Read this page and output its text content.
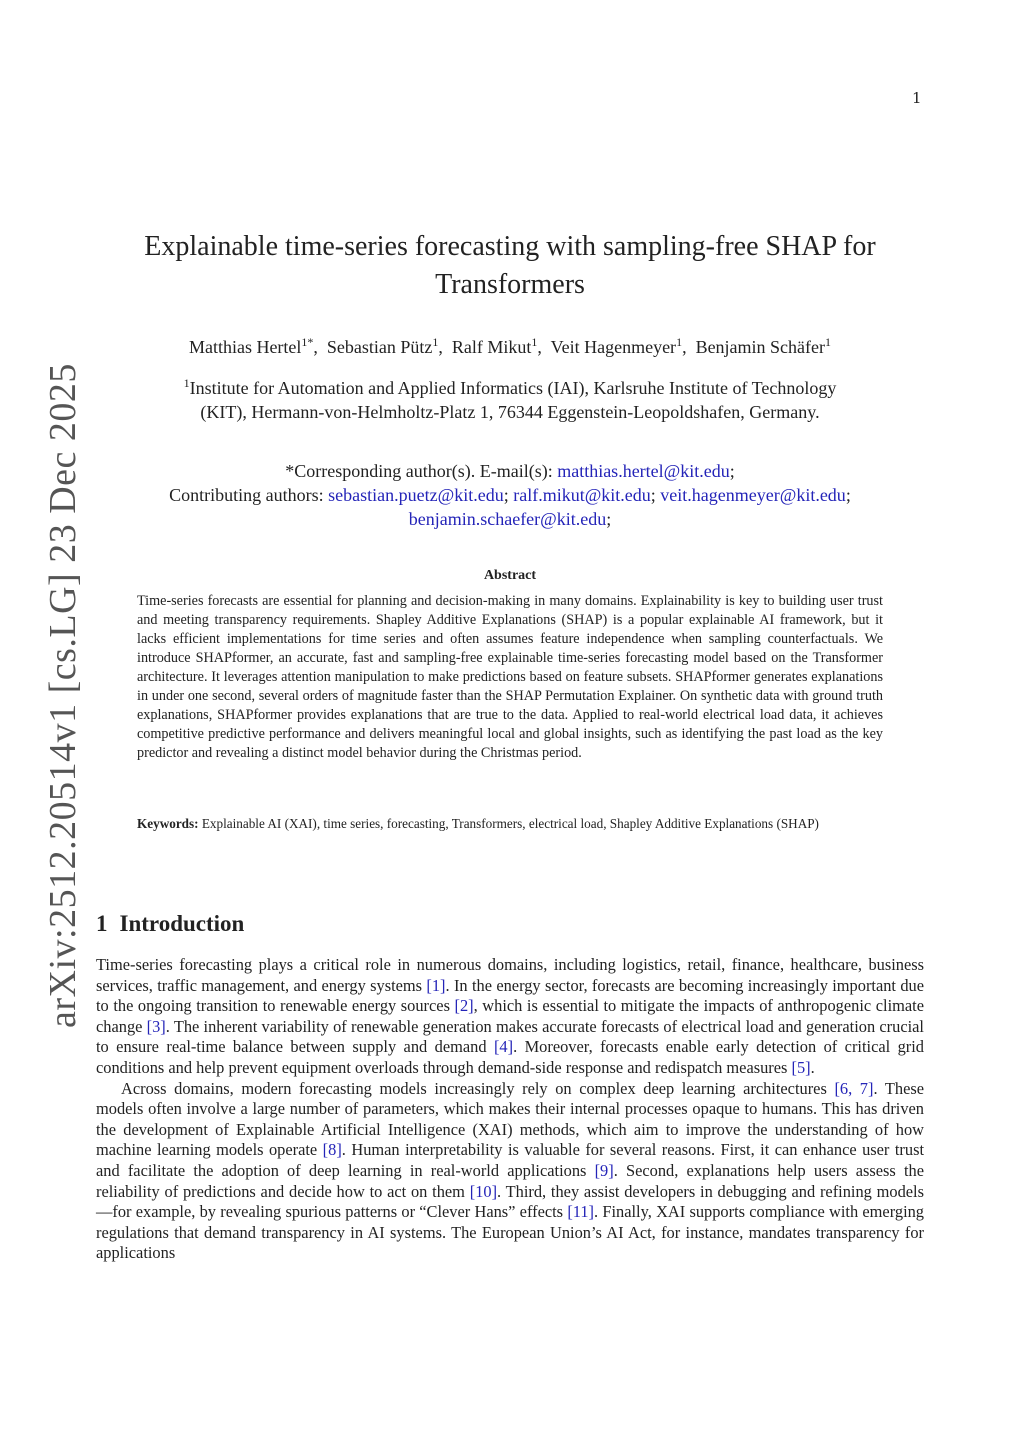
1
arXiv:2512.20514v1 [cs.LG] 23 Dec 2025
Explainable time-series forecasting with sampling-free SHAP for
Transformers
Matthias Hertel$^{1*}$,  Sebastian Pütz$^1$,  Ralf Mikut$^1$,  Veit Hagenmeyer$^1$,  Benjamin Schäfer$^1$
$^1$Institute for Automation and Applied Informatics (IAI), Karlsruhe Institute of Technology
(KIT), Hermann-von-Helmholtz-Platz 1, 76344 Eggenstein-Leopoldshafen, Germany.
*Corresponding author(s). E-mail(s): matthias.hertel@kit.edu;
Contributing authors: sebastian.puetz@kit.edu; ralf.mikut@kit.edu; veit.hagenmeyer@kit.edu;
benjamin.schaefer@kit.edu;
Abstract
Time-series forecasts are essential for planning and decision-making in many domains. Explainability is key to building user trust and meeting transparency requirements. Shapley Additive Explanations (SHAP) is a popular explainable AI framework, but it lacks efficient implementations for time series and often assumes feature independence when sampling counterfactuals. We introduce SHAPformer, an accurate, fast and sampling-free explainable time-series forecasting model based on the Transformer architecture. It leverages attention manipulation to make predictions based on feature subsets. SHAPformer generates explanations in under one second, several orders of magnitude faster than the SHAP Permutation Explainer. On synthetic data with ground truth explanations, SHAPformer provides explanations that are true to the data. Applied to real-world electrical load data, it achieves competitive predictive performance and delivers meaningful local and global insights, such as identifying the past load as the key predictor and revealing a distinct model behavior during the Christmas period.
Keywords: Explainable AI (XAI), time series, forecasting, Transformers, electrical load, Shapley Additive Explanations (SHAP)
1 Introduction

Time-series forecasting plays a critical role in numerous domains, including logistics, retail, finance, healthcare, business services, traffic management, and energy systems [1]. In the energy sector, forecasts are becoming increasingly important due to the ongoing transition to renewable energy sources [2], which is essential to mitigate the impacts of anthropogenic climate change [3]. The inherent variability of renewable generation makes accurate forecasts of electrical load and generation crucial to ensure real-time balance between supply and demand [4]. Moreover, forecasts enable early detection of critical grid conditions and help prevent equipment overloads through demand-side response and redispatch measures [5].

Across domains, modern forecasting models increasingly rely on complex deep learning architectures [6, 7]. These models often involve a large number of parameters, which makes their internal processes opaque to humans. This has driven the development of Explainable Artificial Intelligence (XAI) methods, which aim to improve the understanding of how machine learning models operate [8]. Human interpretability is valuable for several reasons. First, it can enhance user trust and facilitate the adoption of deep learning in real-world applications [9]. Second, explanations help users assess the reliability of predictions and decide how to act on them [10]. Third, they assist developers in debugging and refining models—for example, by revealing spurious patterns or “Clever Hans” effects [11]. Finally, XAI supports compliance with emerging regulations that demand transparency in AI systems. The European Union’s AI Act, for instance, mandates transparency for applications
